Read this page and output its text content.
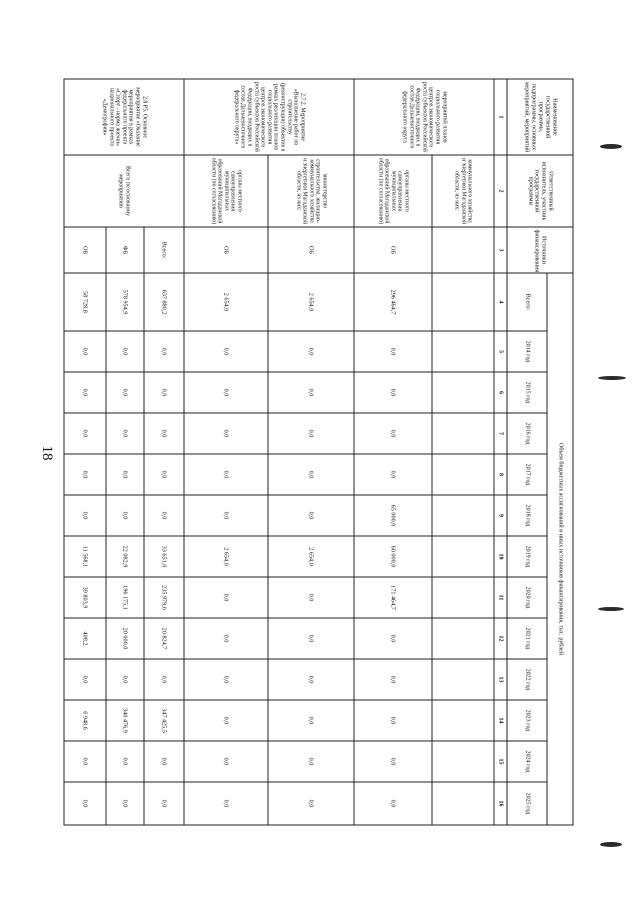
18
Наименование государственной программы, подпрограммы, основных мероприятий, мероприятий	Ответственный исполнитель, участник государственной программы	Источники финансирования	Объем бюджетных ассигнований и иных источников финансирования, тыс. рублей												
			Всего:	2014 год	2015 год	2016 год	2017 год	2018 год	2019 год	2020 год	2021 год	2022 год	2023 год	2024 год	2025 год
1	2	3	4	5	6	7	8	9	10	11	12	13	14	15	16
мероприятий планов социального развития центров экономического роста субъектов Российской Федерации, входящих в состав Дальневосточного федерального округа	коммунального хозяйства и энергетики Магаданской области, из них:														
	органы местного самоуправления муниципальных образований Магаданской области (по согласованию)	ОБ	296 464,7	0,0	0,0	0,0	0,0	65 000,0	60 000,0	171 464,7	0,0	0,0	0,0	0,0	0,0
2.7.2. Мероприятие «Выполнение работ по строительству (реконструкции) объектов в рамках реализации планов социального развития центров экономического роста субъектов Российской Федерации, входящих в состав Дальневосточного федерального округа»	министерство строительства, жилищно-коммунального хозяйства и энергетики Магаданской области, из них:	ОБ	2 654,0	0,0	0,0	0,0	0,0	0,0	2 654,0	0,0	0,0	0,0	0,0	0,0	0,0
	органы местного самоуправления муниципальных образований Магаданской области (по согласованию)	ОБ	2 654,0	0,0	0,0	0,0	0,0	0,0	2 654,0	0,0	0,0	0,0	0,0	0,0	0,0
2.8 P5. Основное мероприятие «Оказание мероприятия в рамках федерального проекта «Спорт - норма жизни» национального проекта «Демография»	Всего по основному мероприятию	Всего:	637 880,2	0,0	0,0	0,0	0,0	0,0	33 651,0	235 979,0	20 824,7	0,0	347 425,5	0,0	0,0
		ФБ	578 954,9	0,0	0,0	0,0	0,0	0,0	22 082,9	196 175,1	20 000,0	0,0	340 476,9	0,0	0,0
		ОБ	58 728,8	0,0	0,0	0,0	0,0	0,0	11 568,1	39 803,9	408,2	0,0	6 948,6	0,0	0,0
